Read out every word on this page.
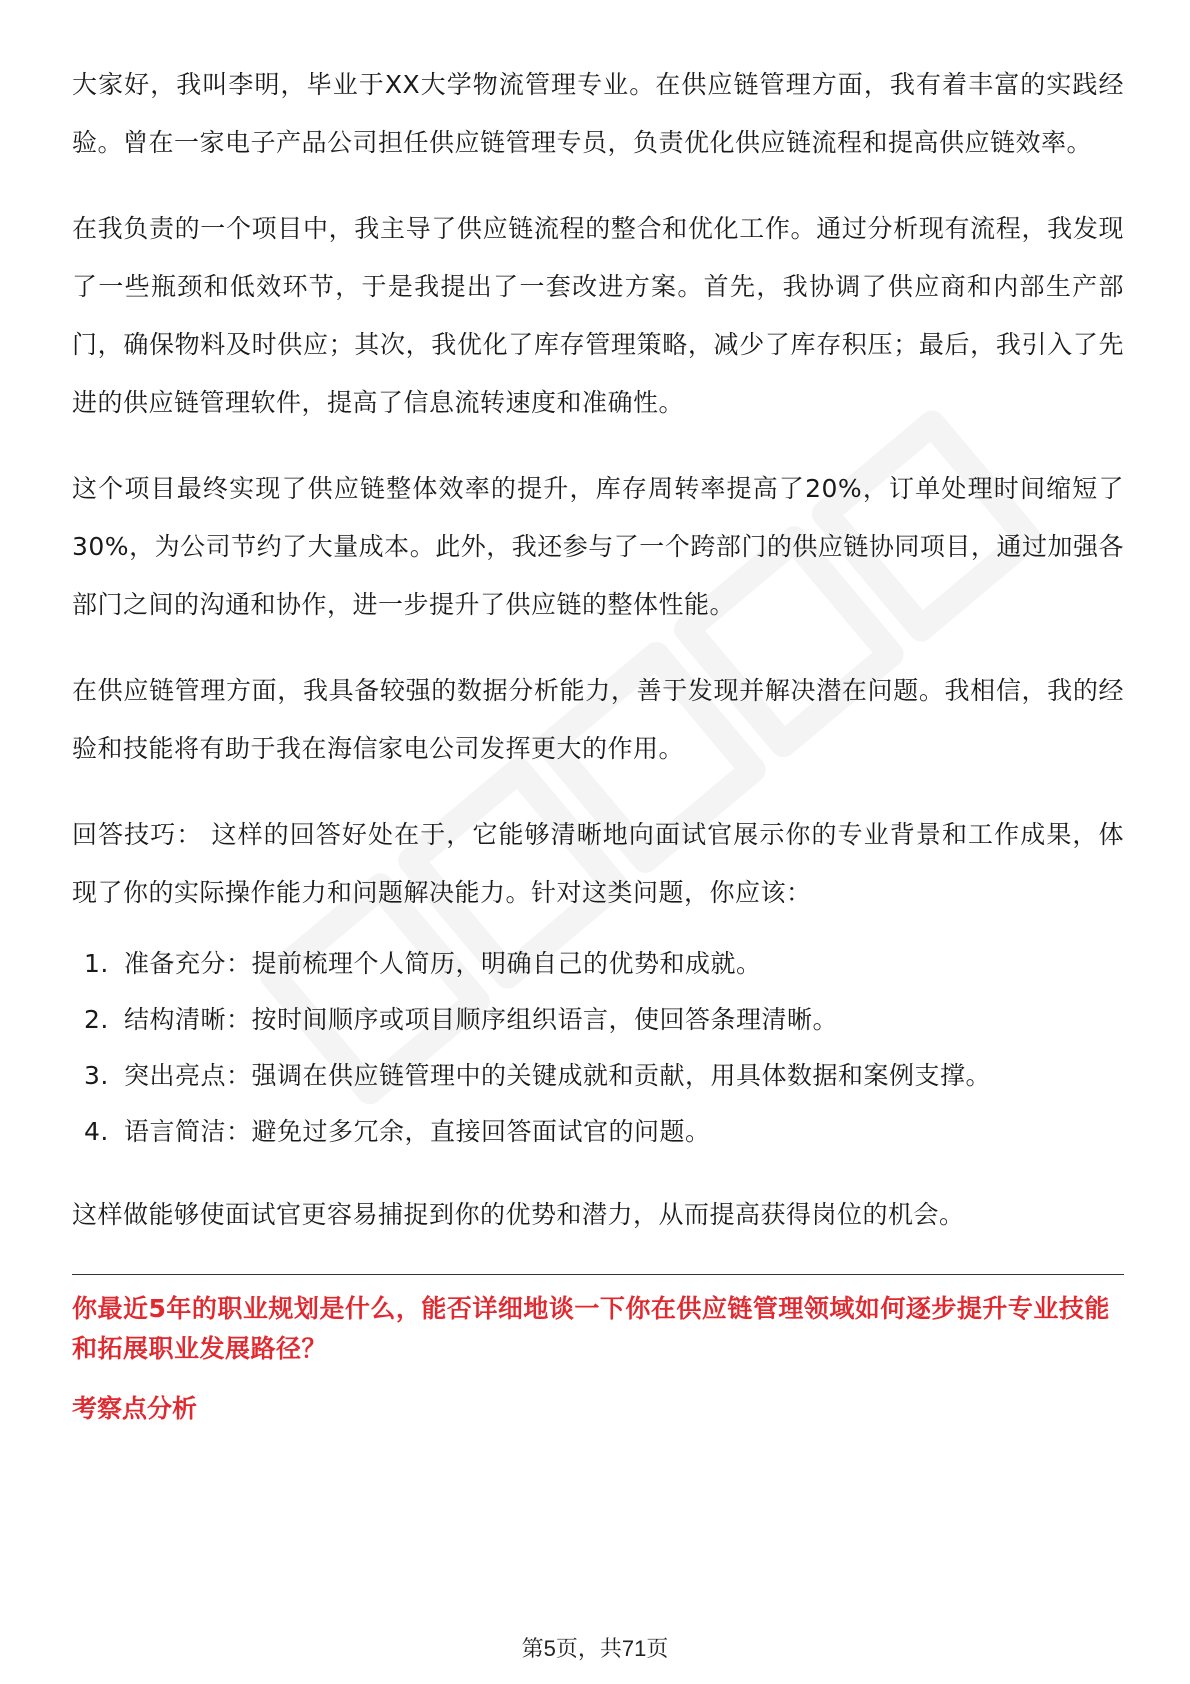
大家好，我叫李明，毕业于XX大学物流管理专业。在供应链管理方面，我有着丰富的实践经验。曾在一家电子产品公司担任供应链管理专员，负责优化供应链流程和提高供应链效率。

在我负责的一个项目中，我主导了供应链流程的整合和优化工作。通过分析现有流程，我发现了一些瓶颈和低效环节，于是我提出了一套改进方案。首先，我协调了供应商和内部生产部门，确保物料及时供应；其次，我优化了库存管理策略，减少了库存积压；最后，我引入了先进的供应链管理软件，提高了信息流转速度和准确性。

这个项目最终实现了供应链整体效率的提升，库存周转率提高了20%，订单处理时间缩短了30%，为公司节约了大量成本。此外，我还参与了一个跨部门的供应链协同项目，通过加强各部门之间的沟通和协作，进一步提升了供应链的整体性能。

在供应链管理方面，我具备较强的数据分析能力，善于发现并解决潜在问题。我相信，我的经验和技能将有助于我在海信家电公司发挥更大的作用。

回答技巧： 这样的回答好处在于，它能够清晰地向面试官展示你的专业背景和工作成果，体现了你的实际操作能力和问题解决能力。针对这类问题，你应该：

1. 准备充分：提前梳理个人简历，明确自己的优势和成就。
2. 结构清晰：按时间顺序或项目顺序组织语言，使回答条理清晰。
3. 突出亮点：强调在供应链管理中的关键成就和贡献，用具体数据和案例支撑。
4. 语言简洁：避免过多冗余，直接回答面试官的问题。

这样做能够使面试官更容易捕捉到你的优势和潜力，从而提高获得岗位的机会。

你最近5年的职业规划是什么，能否详细地谈一下你在供应链管理领域如何逐步提升专业技能和拓展职业发展路径？
考察点分析
第5页，共71页
